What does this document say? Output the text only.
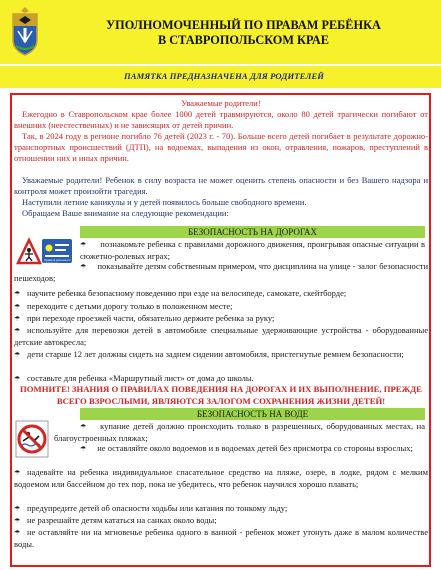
УПОЛНОМОЧЕННЫЙ ПО ПРАВАМ РЕБЁНКА
В СТАВРОПОЛЬСКОМ КРАЕ
ПАМЯТКА ПРЕДНАЗНАЧЕНА ДЛЯ РОДИТЕЛЕЙ
Уважаемые родители!
Ежегодно в Ставропольском крае более 1000 детей травмируются, около 80 детей трагически погибают от внешних (неестественных) и не зависящих от детей причин.
Так, в 2024 году в регионе погибло 76 детей (2023 г. - 70). Больше всего детей погибает в результате дорожно-транспортных происшествий (ДТП), на водоемах, выпадения из окон, отравления, пожаров, преступлений в отношении них и иных причин.
Уважаемые родители! Ребенок в силу возраста не может оценить степень опасности и без Вашего надзора и контроля может произойти трагедия.
Наступили летние каникулы и у детей появилось больше свободного времени.
Обращаем Ваше внимание на следующие рекомендации:
БЕЗОПАСНОСТЬ НА ДОРОГАХ
Правила дорожного движения
☂ познакомьте ребенка с правилами дорожного движения, проигрывая опасные ситуации в сюжетно-ролевых играх;
☂ показывайте детям собственным примером, что дисциплина на улице - залог безопасности пешеходов;
☂ научите ребенка безопасному поведению при езде на велосипеде, самокате, скейтборде;
☂ переходите с детьми дорогу только в положенном месте;
☂ при переходе проезжей части, обязательно держите ребенка за руку;
☂ используйте для перевозки детей в автомобиле специальные удерживающие устройства - оборудованные детские автокресла;
☂ дети старше 12 лет должны сидеть на заднем сидении автомобиля, пристегнутые ремнем безопасности;
☂ составьте для ребенка «Маршрутный лист» от дома до школы.
ПОМНИТЕ! ЗНАНИЯ О ПРАВИЛАХ ПОВЕДЕНИЯ НА ДОРОГАХ И ИХ ВЫПОЛНЕНИЕ, ПРЕЖДЕ ВСЕГО ВЗРОСЛЫМИ, ЯВЛЯЮТСЯ ЗАЛОГОМ СОХРАНЕНИЯ ЖИЗНИ ДЕТЕЙ!
БЕЗОПАСНОСТЬ НА ВОДЕ
☂ купание детей должно происходить только в разрешенных, оборудованных местах, на благоустроенных пляжах;
☂ не оставляйте около водоемов и в водоемах детей без присмотра со стороны взрослых;
☂ надевайте на ребенка индивидуальное спасательное средство на пляже, озере, в лодке, рядом с мелким водоемом или бассейном до тех пор, пока не убедитесь, что ребенок научился хорошо плавать;
☂ предупредите детей об опасности ходьбы или катания по тонкому льду;
☂ не разрешайте детям кататься на санках около воды;
☂ не оставляйте ни на мгновенье ребенка одного в ванной - ребенок может утонуть даже в малом количестве воды.
